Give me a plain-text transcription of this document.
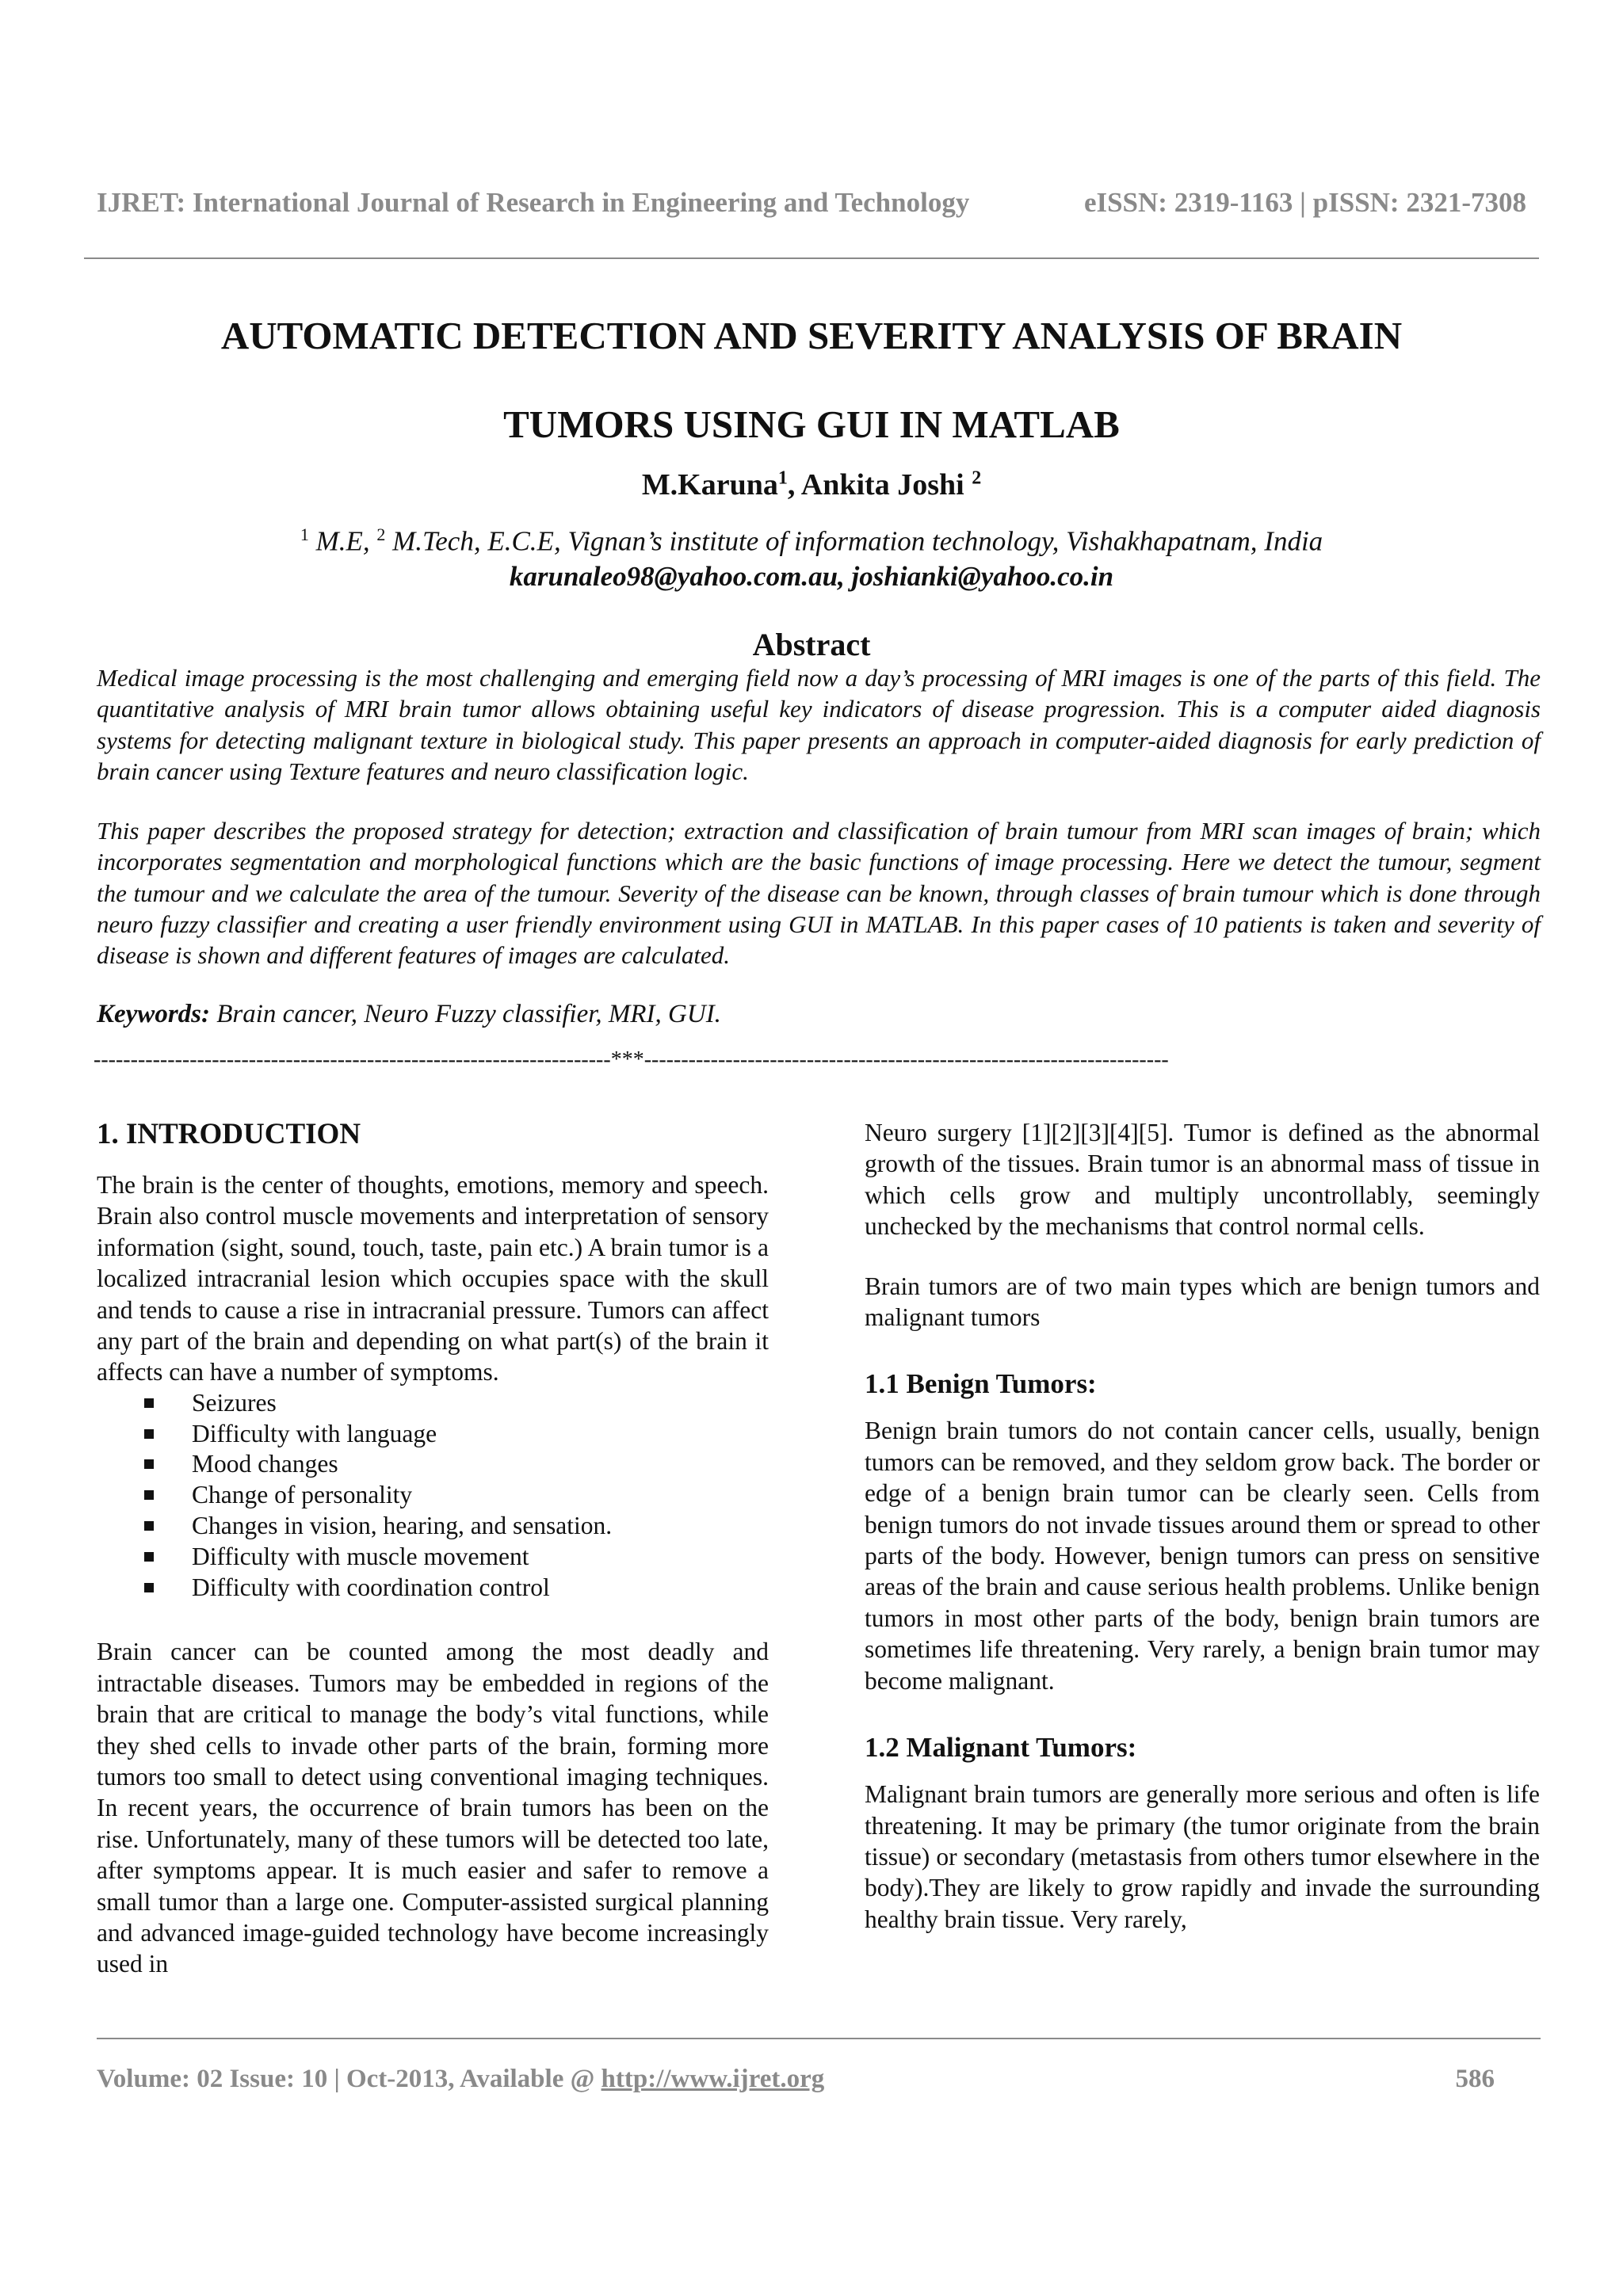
IJRET: International Journal of Research in Engineering and Technology	eISSN: 2319-1163 | pISSN: 2321-7308
AUTOMATIC DETECTION AND SEVERITY ANALYSIS OF BRAIN
TUMORS USING GUI IN MATLAB
M.Karuna$^1$, Ankita Joshi $^2$
$^1$ M.E, $^2$ M.Tech, E.C.E, Vignan’s institute of information technology, Vishakhapatnam, India
karunaleo98@yahoo.com.au, joshianki@yahoo.co.in
Abstract

Medical image processing is the most challenging and emerging field now a day’s processing of MRI images is one of the parts of this field. The quantitative analysis of MRI brain tumor allows obtaining useful key indicators of disease progression. This is a computer aided diagnosis systems for detecting malignant texture in biological study. This paper presents an approach in computer-aided diagnosis for early prediction of brain cancer using Texture features and neuro classification logic.

This paper describes the proposed strategy for detection; extraction and classification of brain tumour from MRI scan images of brain; which incorporates segmentation and morphological functions which are the basic functions of image processing. Here we detect the tumour, segment the tumour and we calculate the area of the tumour. Severity of the disease can be known, through classes of brain tumour which is done through neuro fuzzy classifier and creating a user friendly environment using GUI in MATLAB. In this paper cases of 10 patients is taken and severity of disease is shown and different features of images are calculated.

Keywords: Brain cancer, Neuro Fuzzy classifier, MRI, GUI.
----------------------------------------------------------------------***-----------------------------------------------------------------------
1. INTRODUCTION

The brain is the center of thoughts, emotions, memory and speech. Brain also control muscle movements and interpretation of sensory information (sight, sound, touch, taste, pain etc.) A brain tumor is a localized intracranial lesion which occupies space with the skull and tends to cause a rise in intracranial pressure. Tumors can affect any part of the brain and depending on what part(s) of the brain it affects can have a number of symptoms.

Seizures
Difficulty with language
Mood changes
Change of personality
Changes in vision, hearing, and sensation.
Difficulty with muscle movement
Difficulty with coordination control

Brain cancer can be counted among the most deadly and intractable diseases. Tumors may be embedded in regions of the brain that are critical to manage the body’s vital functions, while they shed cells to invade other parts of the brain, forming more tumors too small to detect using conventional imaging techniques. In recent years, the occurrence of brain tumors has been on the rise. Unfortunately, many of these tumors will be detected too late, after symptoms appear. It is much easier and safer to remove a small tumor than a large one. Computer-assisted surgical planning and advanced image-guided technology have become increasingly used in

Neuro surgery [1][2][3][4][5]. Tumor is defined as the abnormal growth of the tissues. Brain tumor is an abnormal mass of tissue in which cells grow and multiply uncontrollably, seemingly unchecked by the mechanisms that control normal cells.

Brain tumors are of two main types which are benign tumors and malignant tumors

1.1 Benign Tumors:

Benign brain tumors do not contain cancer cells, usually, benign tumors can be removed, and they seldom grow back. The border or edge of a benign brain tumor can be clearly seen. Cells from benign tumors do not invade tissues around them or spread to other parts of the body. However, benign tumors can press on sensitive areas of the brain and cause serious health problems. Unlike benign tumors in most other parts of the body, benign brain tumors are sometimes life threatening. Very rarely, a benign brain tumor may become malignant.

1.2 Malignant Tumors:

Malignant brain tumors are generally more serious and often is life threatening. It may be primary (the tumor originate from the brain tissue) or secondary (metastasis from others tumor elsewhere in the body).They are likely to grow rapidly and invade the surrounding healthy brain tissue. Very rarely,

Volume: 02 Issue: 10 | Oct-2013, Available @ http://www.ijret.org	586
